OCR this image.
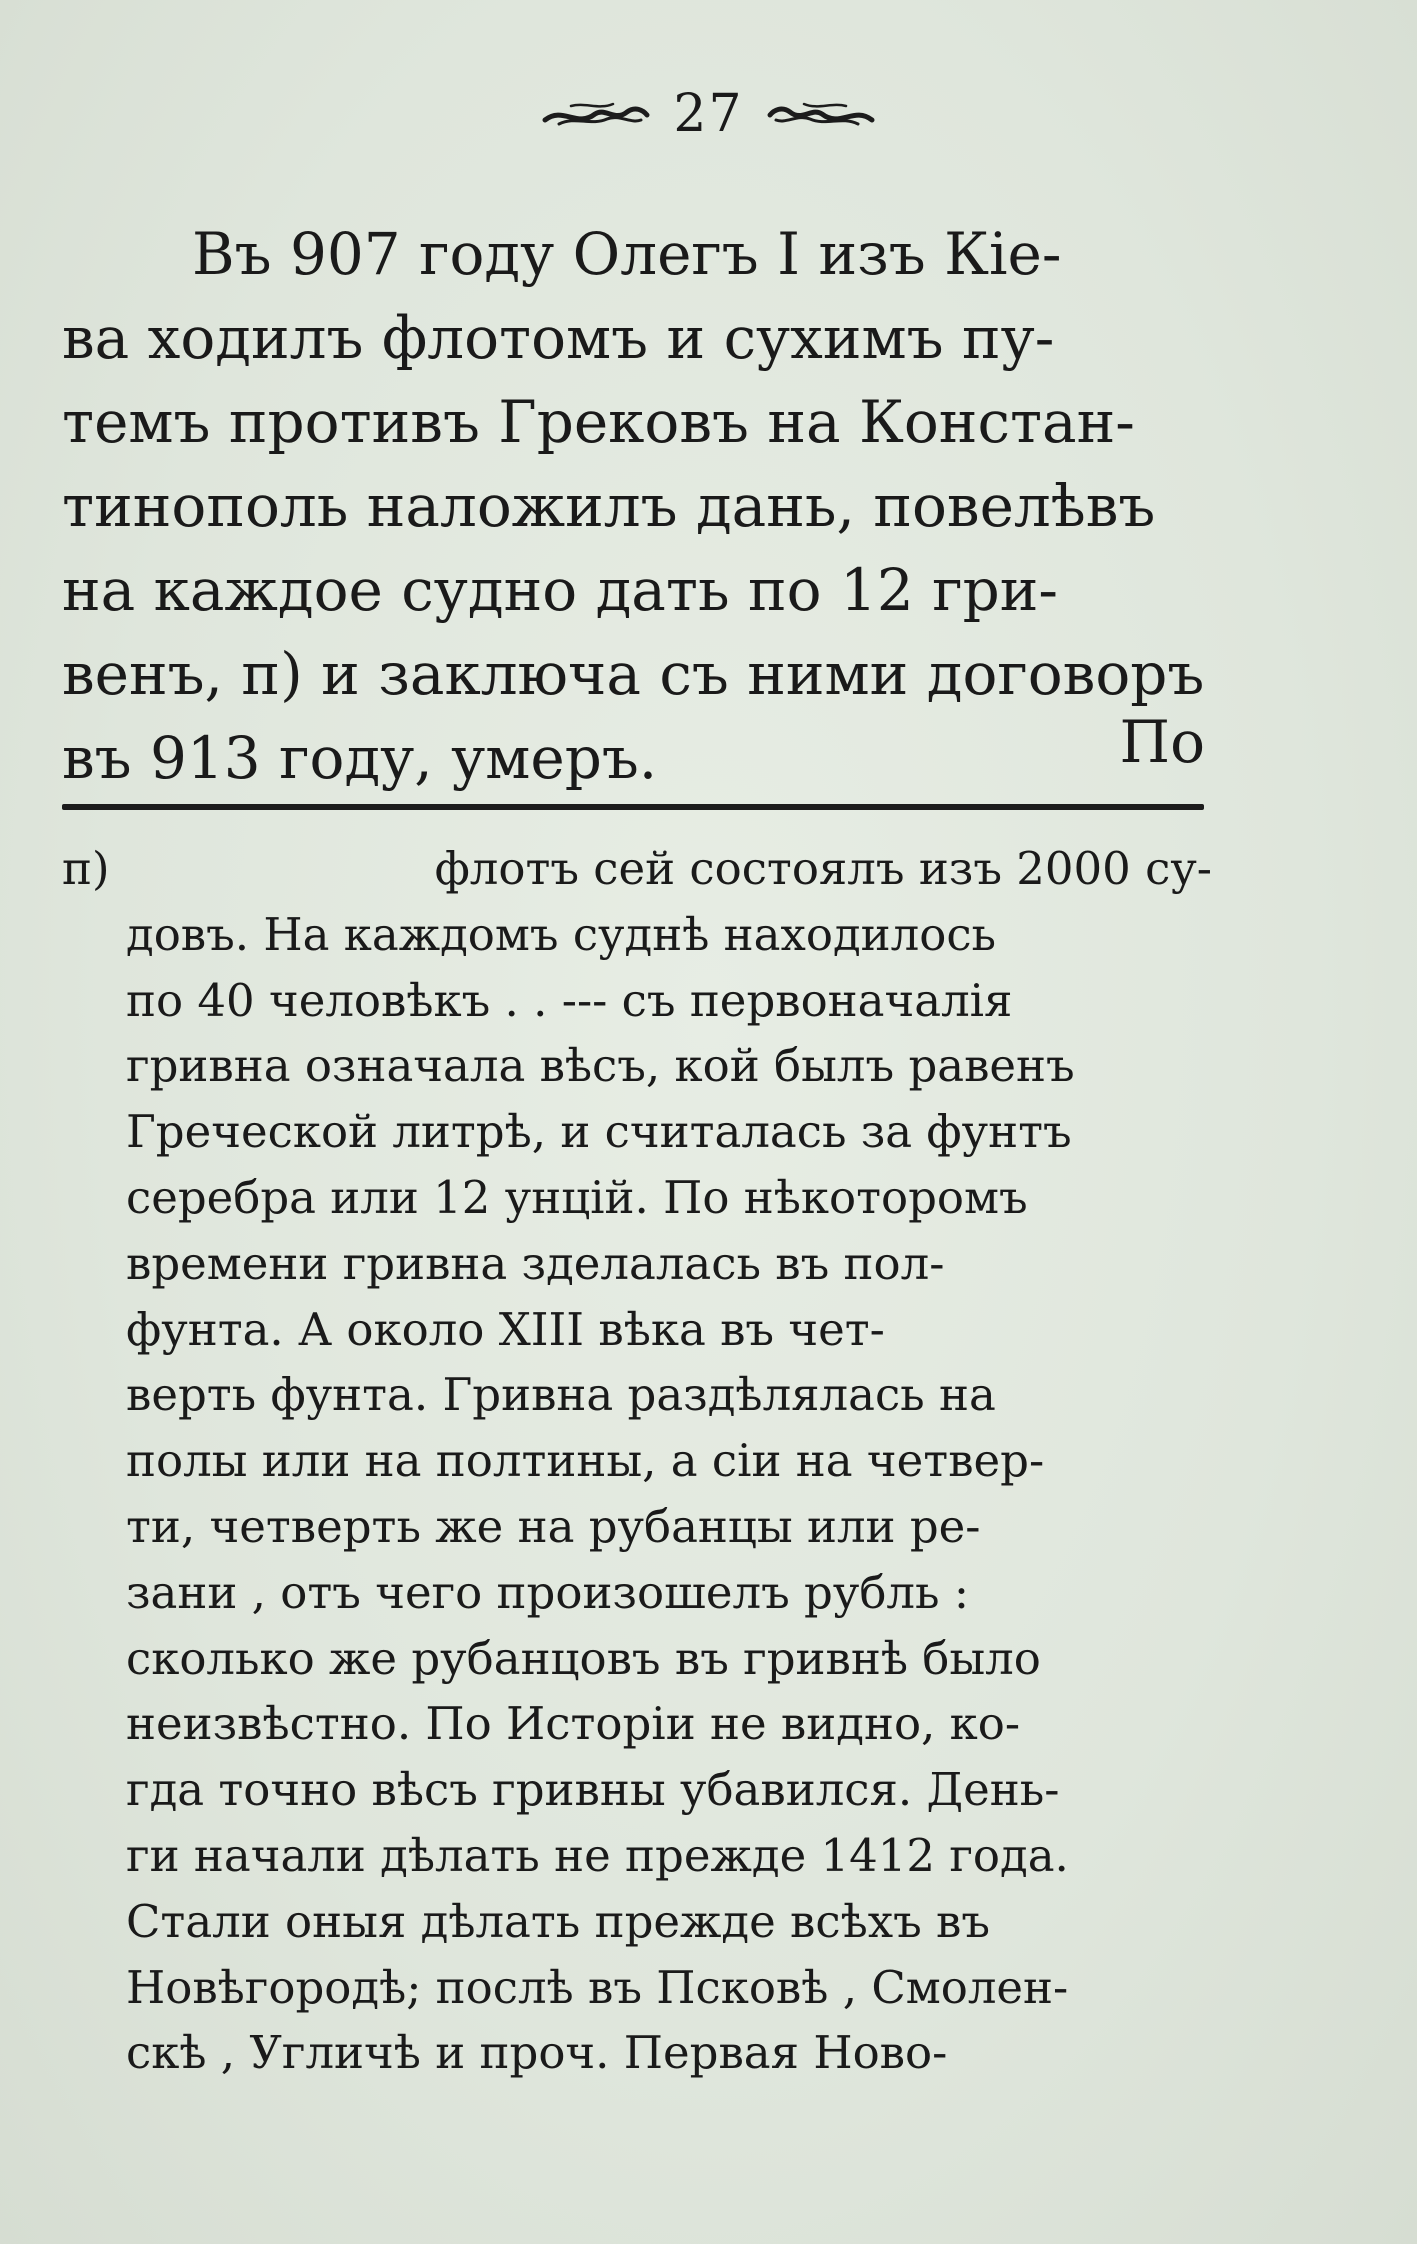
27
Въ 907 году Олегъ I изъ Кіе-
ва ходилъ флотомъ и сухимъ пу-
темъ противъ Грековъ на Констан-
тинополь наложилъ дань, повелѣвъ
на каждое судно дать по 12 гри-
венъ, п) и заключа съ ними договоръ
въ 913 году, умеръ.	По
п)	флотъ сей состоялъ изъ 2000 су-
довъ. На каждомъ суднѣ находилось
по 40 человѣкъ . . --- съ первоначалія
гривна означала вѣсъ, кой былъ равенъ
Греческой литрѣ, и считалась за фунтъ
серебра или 12 унцій. По нѣкоторомъ
времени гривна зделалась въ пол-
фунта. А около XIII вѣка въ чет-
верть фунта. Гривна раздѣлялась на
полы или на полтины, а сіи на четвер-
ти, четверть же на рубанцы или ре-
зани , отъ чего произошелъ рубль :
сколько же рубанцовъ въ гривнѣ было
неизвѣстно. По Исторіи не видно, ко-
гда точно вѣсъ гривны убавился. День-
ги начали дѣлать не прежде 1412 года.
Стали оныя дѣлать прежде всѣхъ въ
Новѣгородѣ; послѣ въ Псковѣ , Смолен-
скѣ , Угличѣ и проч. Первая Ново-
